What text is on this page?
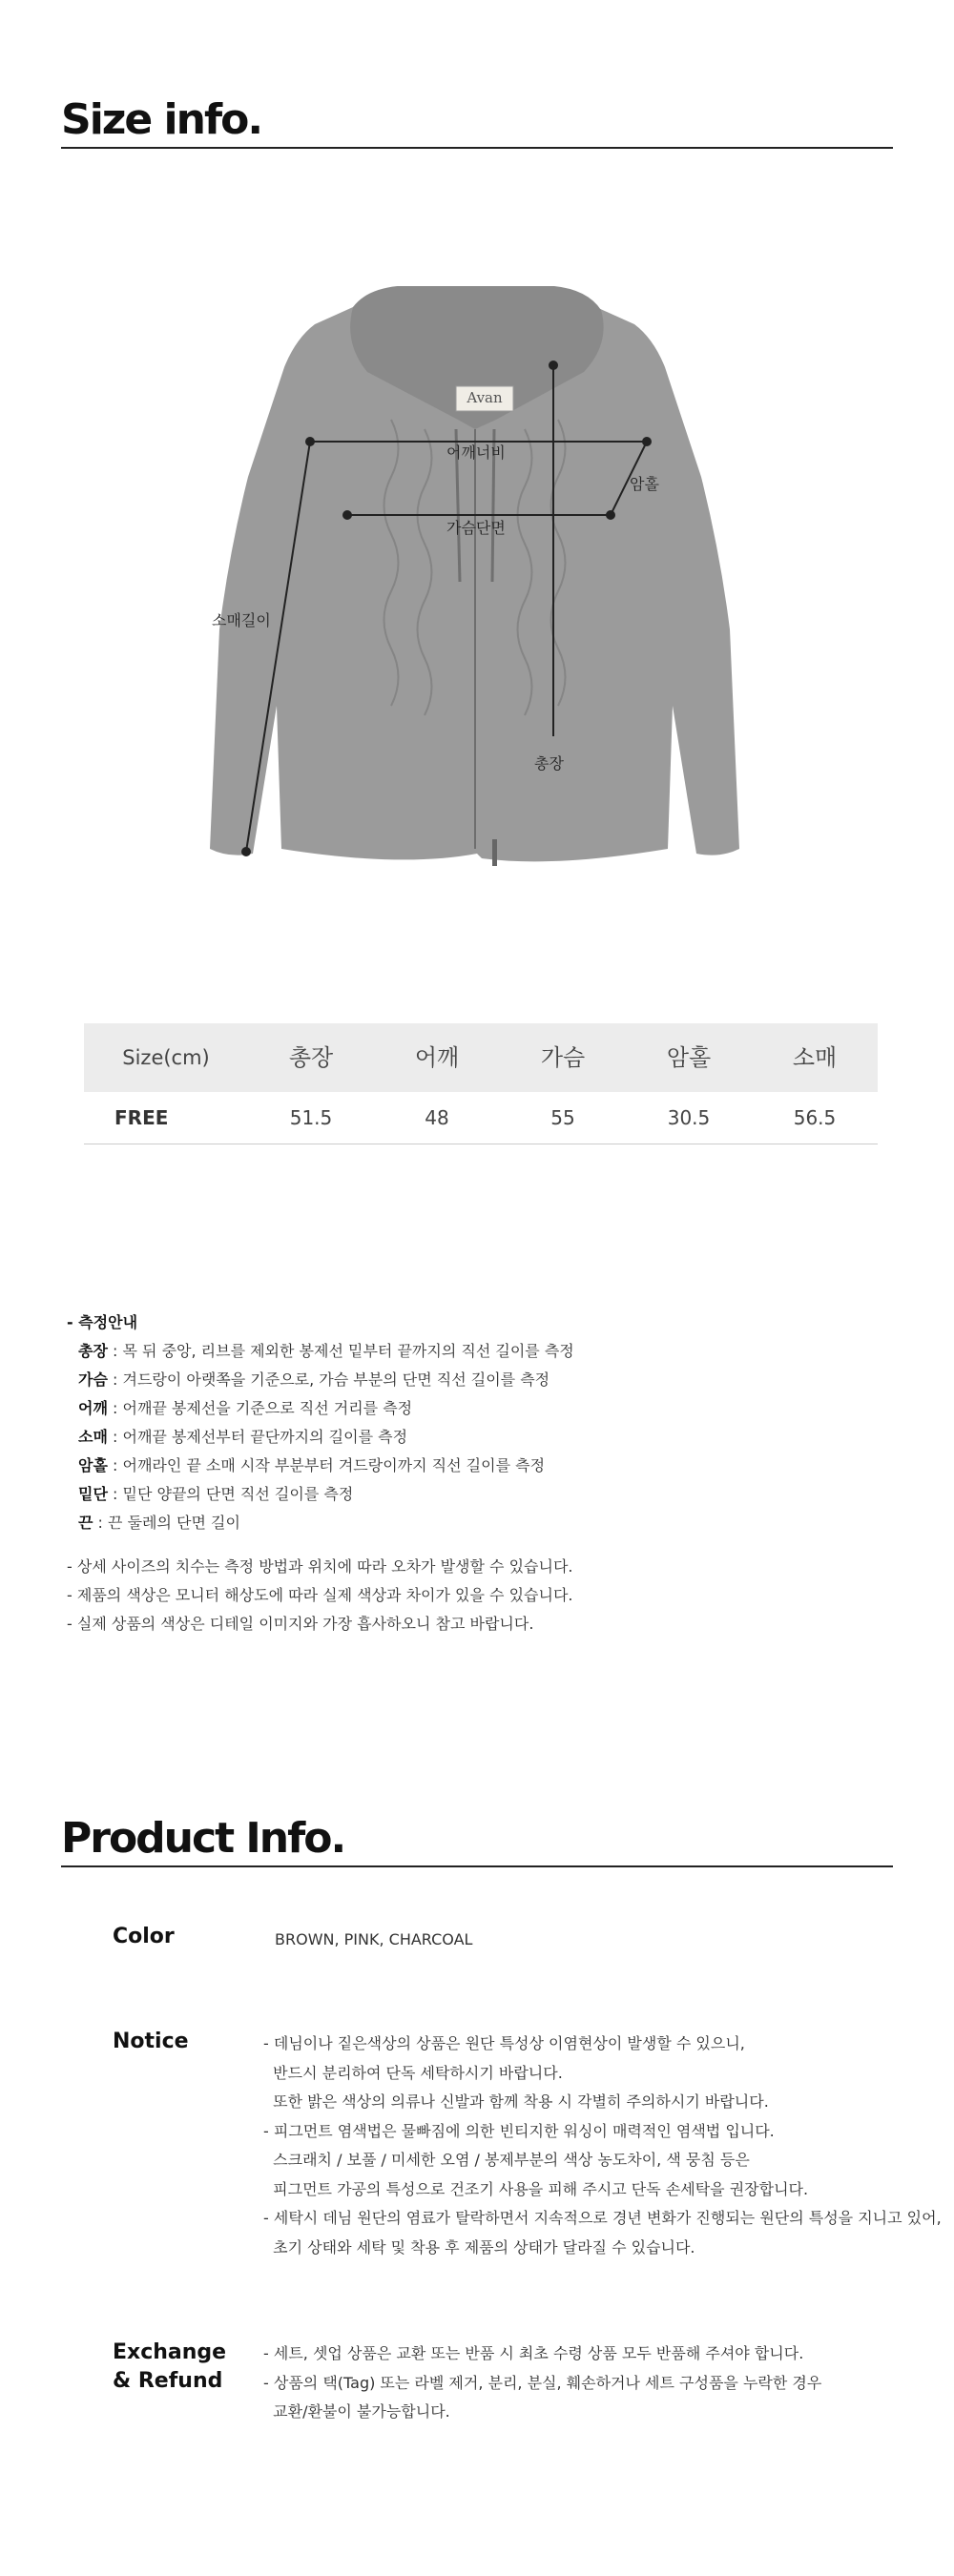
Size info.
Avan
어깨너비
암홀
가슴단면
소매길이
총장
Size(cm)	총장	어깨	가슴	암홀	소매
FREE	51.5	48	55	30.5	56.5
- 측정안내
총장 : 목 뒤 중앙, 리브를 제외한 봉제선 밑부터 끝까지의 직선 길이를 측정
가슴 : 겨드랑이 아랫쪽을 기준으로, 가슴 부분의 단면 직선 길이를 측정
어깨 : 어깨끝 봉제선을 기준으로 직선 거리를 측정
소매 : 어깨끝 봉제선부터 끝단까지의 길이를 측정
암홀 : 어깨라인 끝 소매 시작 부분부터 겨드랑이까지 직선 길이를 측정
밑단 : 밑단 양끝의 단면 직선 길이를 측정
끈 : 끈 둘레의 단면 길이
- 상세 사이즈의 치수는 측정 방법과 위치에 따라 오차가 발생할 수 있습니다.
- 제품의 색상은 모니터 해상도에 따라 실제 색상과 차이가 있을 수 있습니다.
- 실제 상품의 색상은 디테일 이미지와 가장 흡사하오니 참고 바랍니다.
Product Info.
Color	BROWN, PINK, CHARCOAL
Notice	- 데님이나 짙은색상의 상품은 원단 특성상 이염현상이 발생할 수 있으니,
반드시 분리하여 단독 세탁하시기 바랍니다.
또한 밝은 색상의 의류나 신발과 함께 착용 시 각별히 주의하시기 바랍니다.
- 피그먼트 염색법은 물빠짐에 의한 빈티지한 워싱이 매력적인 염색법 입니다.
스크래치 / 보풀 / 미세한 오염 / 봉제부분의 색상 농도차이, 색 뭉침 등은
피그먼트 가공의 특성으로 건조기 사용을 피해 주시고 단독 손세탁을 권장합니다.
- 세탁시 데님 원단의 염료가 탈락하면서 지속적으로 경년 변화가 진행되는 원단의 특성을 지니고 있어,
초기 상태와 세탁 및 착용 후 제품의 상태가 달라질 수 있습니다.
Exchange
& Refund
- 세트, 셋업 상품은 교환 또는 반품 시 최초 수령 상품 모두 반품해 주셔야 합니다.
- 상품의 택(Tag) 또는 라벨 제거, 분리, 분실, 훼손하거나 세트 구성품을 누락한 경우
교환/환불이 불가능합니다.
